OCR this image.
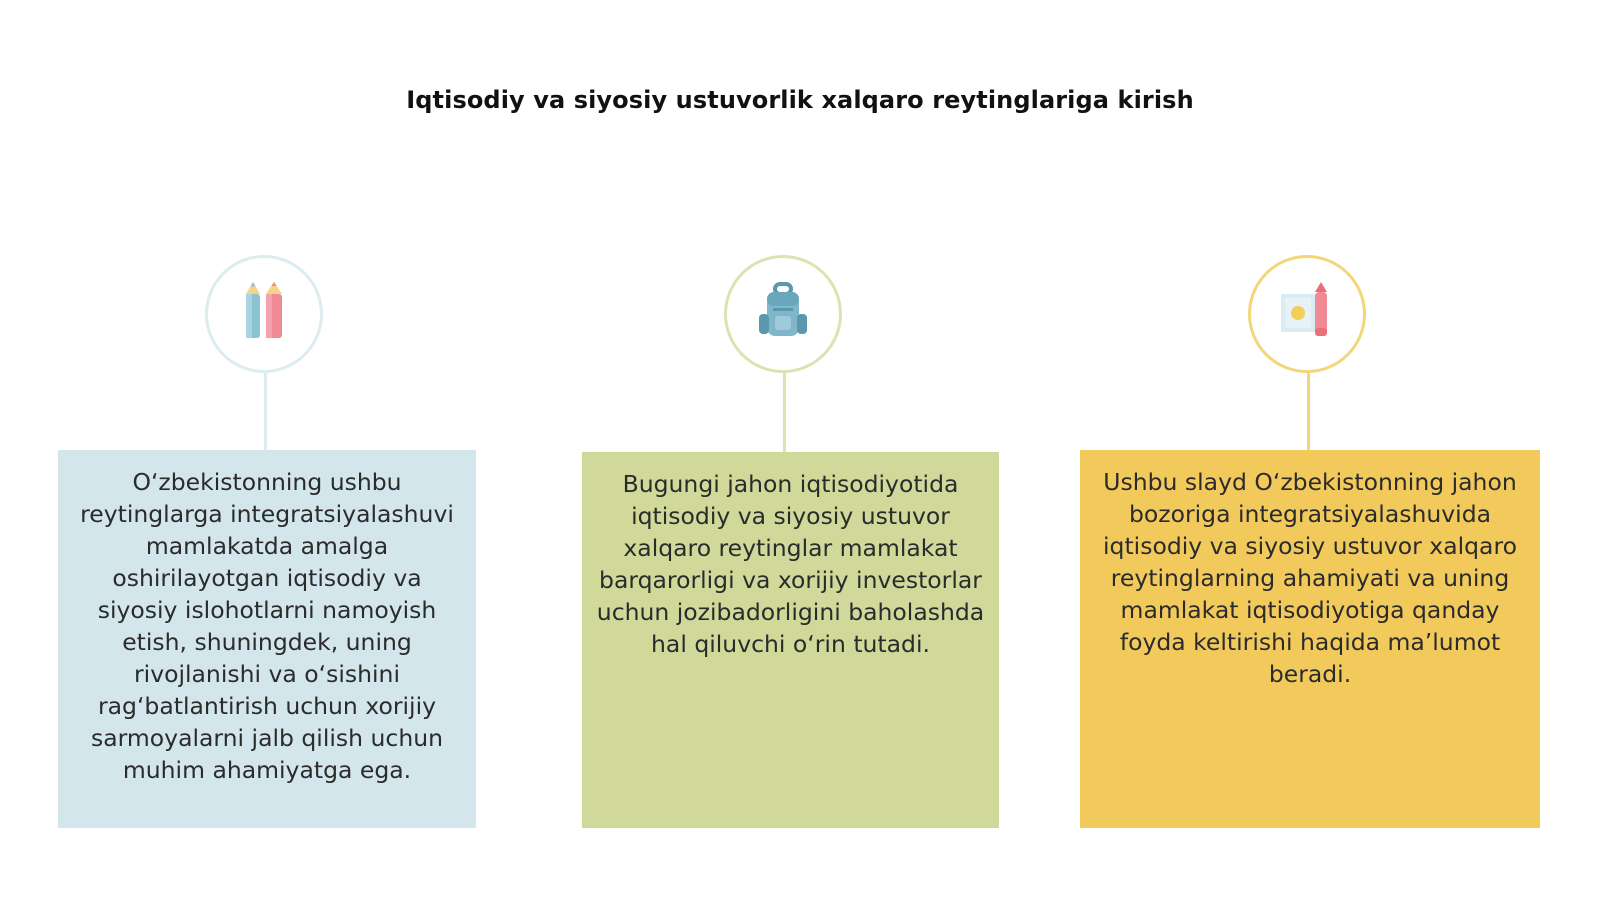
Iqtisodiy va siyosiy ustuvorlik xalqaro reytinglariga kirish
O‘zbekistonning ushbu reytinglarga integratsiyalashuvi mamlakatda amalga oshirilayotgan iqtisodiy va siyosiy islohotlarni namoyish etish, shuningdek, uning rivojlanishi va o‘sishini rag‘batlantirish uchun xorijiy sarmoyalarni jalb qilish uchun muhim ahamiyatga ega.
Bugungi jahon iqtisodiyotida iqtisodiy va siyosiy ustuvor xalqaro reytinglar mamlakat barqarorligi va xorijiy investorlar uchun jozibadorligini baholashda hal qiluvchi o‘rin tutadi.
Ushbu slayd O‘zbekistonning jahon bozoriga integratsiyalashuvida iqtisodiy va siyosiy ustuvor xalqaro reytinglarning ahamiyati va uning mamlakat iqtisodiyotiga qanday foyda keltirishi haqida ma’lumot beradi.
